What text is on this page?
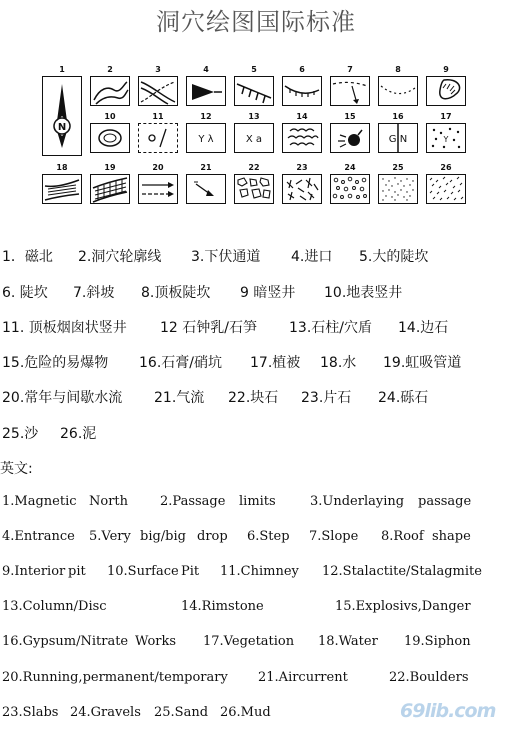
洞穴绘图国际标准
1
N
2	3	4	5	6	7	8	9
10	11	12
Y λ
13
X a
14	15	16
G N
17
Y
18	19	20	21	22	23	24	25	26
1．磁北 2.洞穴轮廓线 3.下伏通道 4.进口 5.大的陡坎
6. 陡坎 7.斜坡 8.顶板陡坎 9 暗竖井 10.地表竖井
11. 顶板烟囱状竖井 12 石钟乳/石笋 13.石柱/穴盾 14.边石
15.危险的易爆物 16.石膏/硝坑 17.植被 18.水 19.虹吸管道
20.常年与间歇水流 21.气流 22.块石 23.片石 24.砾石
25.沙 26.泥
英文:
1.Magnetic North 2.Passage limits	3.Underlaying passage
4.Entrance 5.Very big/big drop 6.Step 7.Slope 8.Roof shape
9.Interior pit 10.Surface Pit 11.Chimney 12.Stalactite/Stalagmite
13.Column/Disc	14.Rimstone	15.Explosivs,Danger
16.Gypsum/Nitrate Works 17.Vegetation 18.Water 19.Siphon
20.Running,permanent/temporary 21.Aircurrent	22.Boulders
23.Slabs 24.Gravels 25.Sand 26.Mud	69lib.com
